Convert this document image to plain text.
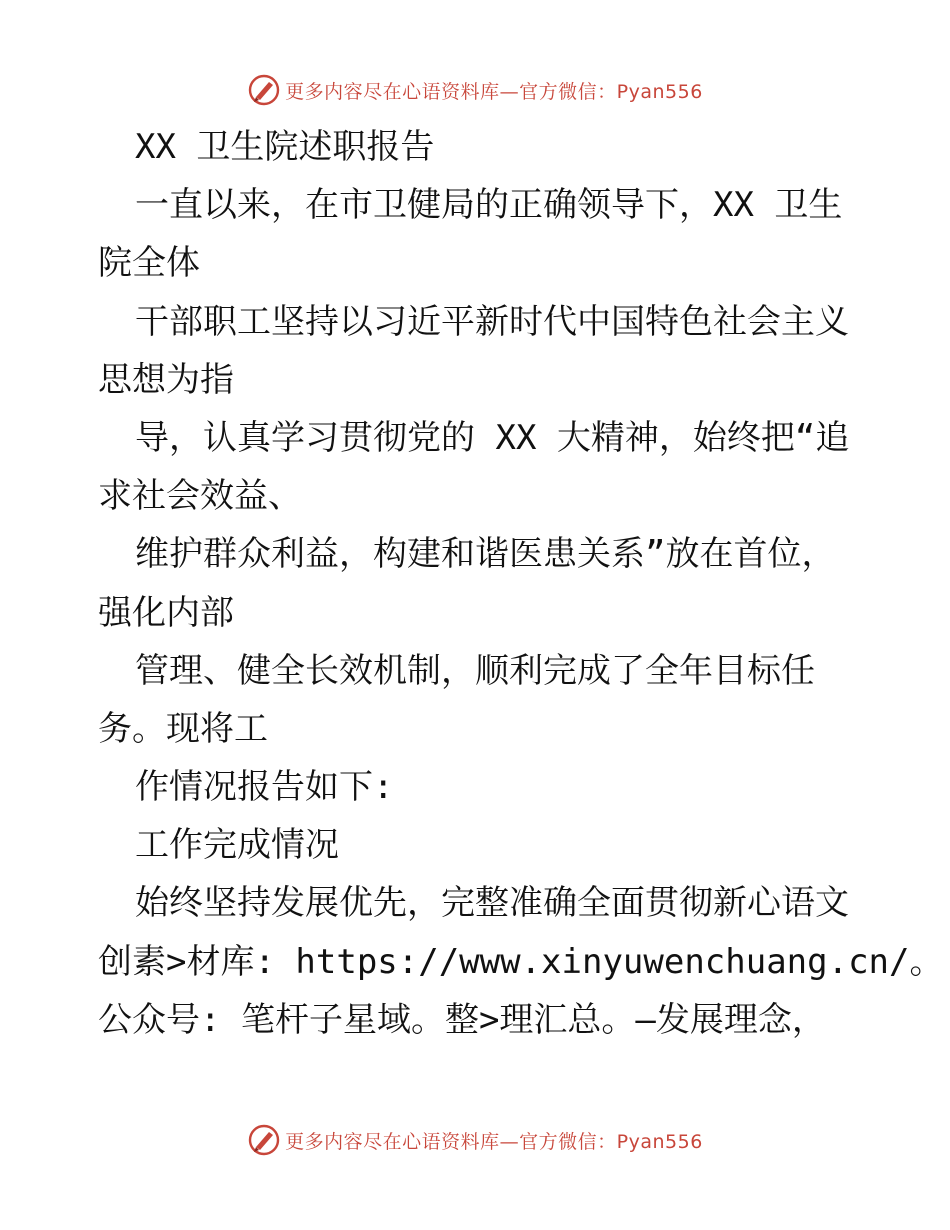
更多内容尽在心语资料库—官方微信：Pyan556
XX 卫生院述职报告
一直以来，在市卫健局的正确领导下，XX 卫生
院全体
干部职工坚持以习近平新时代中国特色社会主义
思想为指
导，认真学习贯彻党的 XX 大精神，始终把“追
求社会效益、
维护群众利益，构建和谐医患关系”放在首位，
强化内部
管理、健全长效机制，顺利完成了全年目标任
务。现将工
作情况报告如下:
工作完成情况
始终坚持发展优先，完整准确全面贯彻新心语文
创素>材库: https://www.xinyuwenchuang.cn/。
公众号: 笔杆子星域。整>理汇总。—发展理念，
更多内容尽在心语资料库—官方微信：Pyan556
